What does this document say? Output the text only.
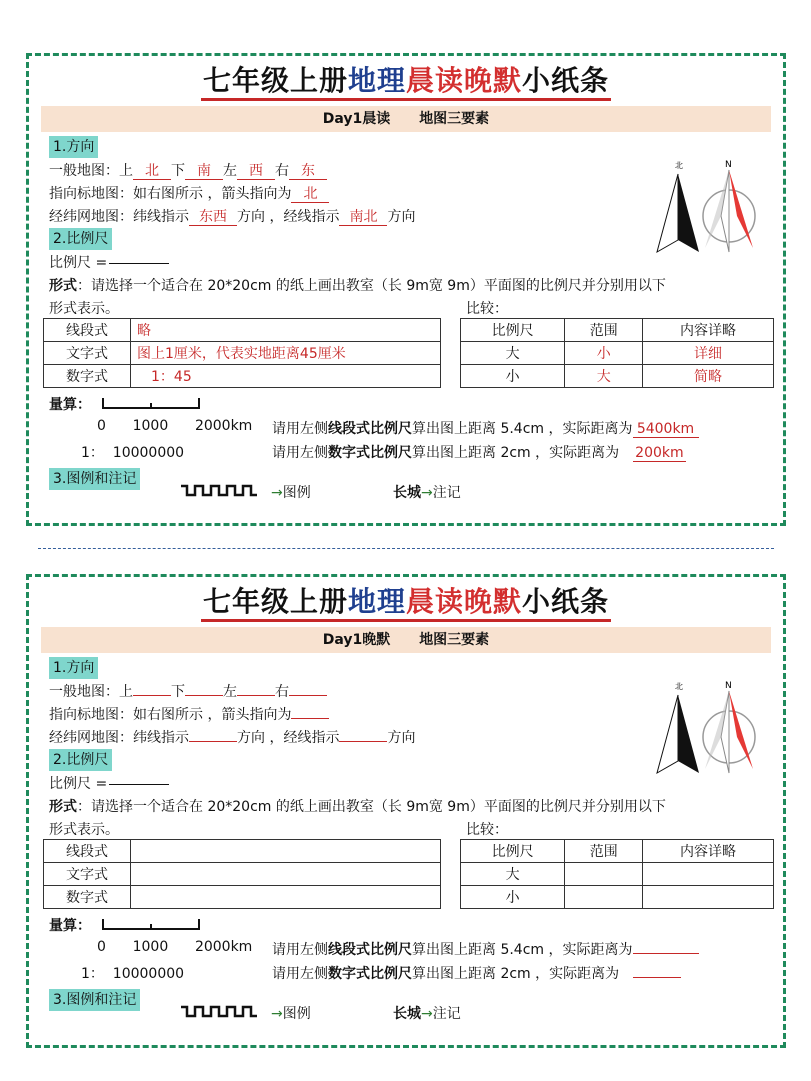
七年级上册地理晨读晚默小纸条
Day1晨读 地图三要素
1.方向
一般地图：上 北 下 南 左 西 右 东
指向标地图：如右图所示 ，箭头指向为 北
经纬网地图：纬线指示 东西 方向 ，经线指示 南北 方向
2.比例尺
比例尺 =
形式：请选择一个适合在 20*20cm 的纸上画出教室（长 9m宽 9m）平面图的比例尺并分别用以下
形式表示。	比较：
线段式	略
文字式	图上1厘米，代表实地距离45厘米
数字式	1：45
比例尺	范围	内容详略
大	小	详细
小	大	简略
量算：
0      1000      2000km 请用左侧线段式比例尺算出图上距离 5.4cm ，实际距离为 5400km
1：  10000000	请用左侧数字式比例尺算出图上距离 2cm ，实际距离为 200km
3.图例和注记
→图例	长城→注记
北	N
七年级上册地理晨读晚默小纸条
Day1晚默 地图三要素
1.方向
一般地图：上	下	左	右
指向标地图：如右图所示 ，箭头指向为
经纬网地图：纬线指示	方向 ，经线指示	方向
2.比例尺
比例尺 =
形式：请选择一个适合在 20*20cm 的纸上画出教室（长 9m宽 9m）平面图的比例尺并分别用以下
形式表示。	比较：
线段式	
文字式	
数字式	
比例尺	范围	内容详略
大		
小		
量算：
0      1000      2000km 请用左侧线段式比例尺算出图上距离 5.4cm ，实际距离为
1：  10000000	请用左侧数字式比例尺算出图上距离 2cm ，实际距离为
3.图例和注记
→图例	长城→注记
北	N
